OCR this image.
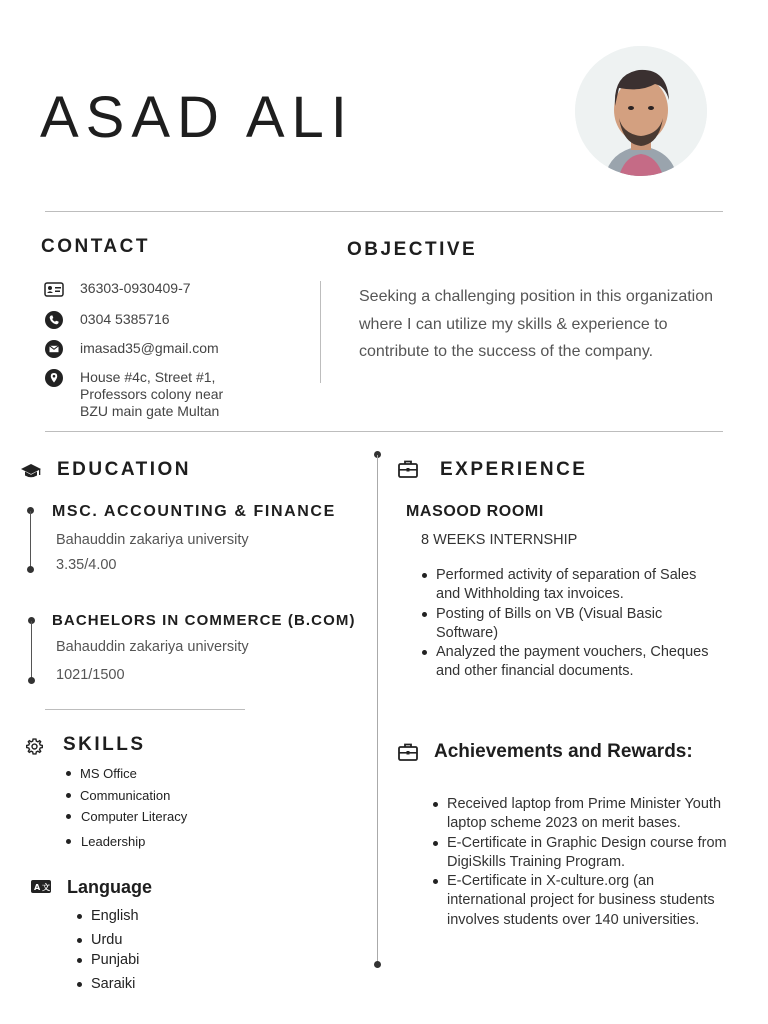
ASAD ALI
CONTACT
36303-0930409-7
0304 5385716
imasad35@gmail.com
House #4c, Street #1,
Professors colony near
BZU main gate Multan
OBJECTIVE
Seeking a challenging position in this organization where I can utilize my skills & experience to contribute to the success of the company.
EDUCATION
MSC. ACCOUNTING & FINANCE
Bahauddin zakariya university
3.35/4.00
BACHELORS IN COMMERCE (B.COM)
Bahauddin zakariya university
1021/1500
SKILLS
MS Office
Communication
Computer Literacy
Leadership
A 文 Language
English
Urdu
Punjabi
Saraiki
EXPERIENCE
MASOOD ROOMI
8 WEEKS INTERNSHIP
Performed activity of separation of Sales and Withholding tax invoices.
Posting of Bills on VB (Visual Basic Software)
Analyzed the payment vouchers, Cheques and other financial documents.
Achievements and Rewards:
Received laptop from Prime Minister Youth laptop scheme 2023 on merit bases.
E-Certificate in Graphic Design course from DigiSkills Training Program.
E-Certificate in X-culture.org (an international project for business students involves students over 140 universities.
